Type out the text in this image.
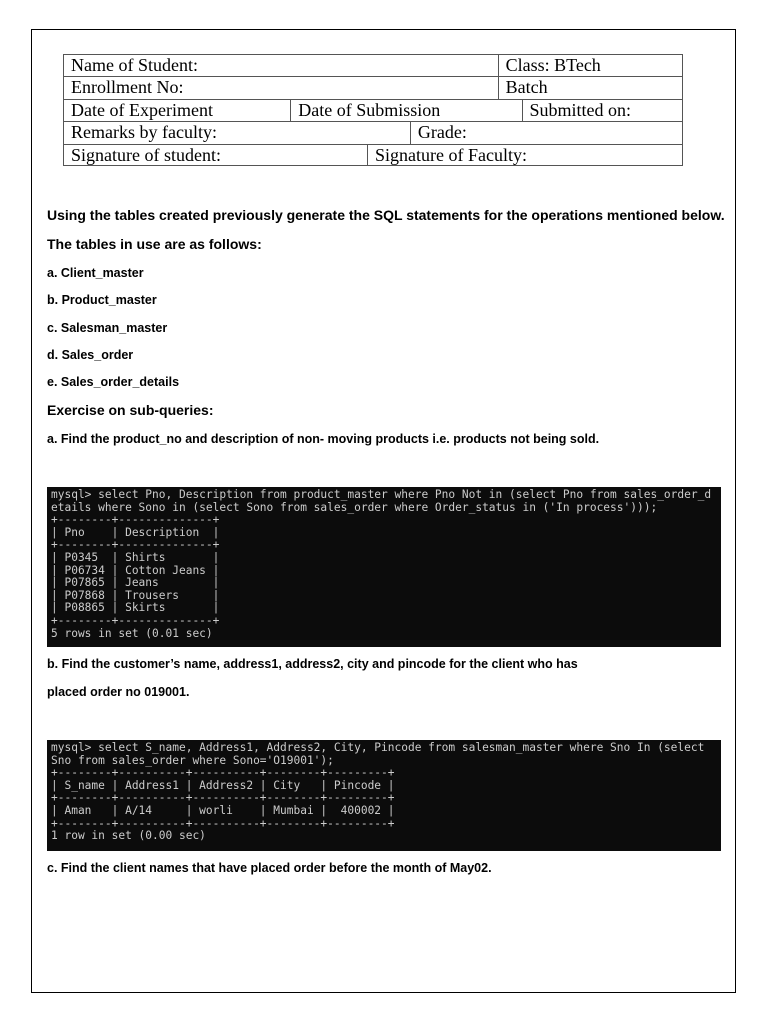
Name of Student:	Class: BTech
Enrollment No:	Batch
Date of Experiment	Date of Submission	Submitted on:
Remarks by faculty:	Grade:
Signature of student:	Signature of Faculty:
Using the tables created previously generate the SQL statements for the operations mentioned below.
The tables in use are as follows:
a. Client_master
b. Product_master
c. Salesman_master
d. Sales_order
e. Sales_order_details
Exercise on sub-queries:
a. Find the product_no and description of non- moving products i.e. products not being sold.
mysql> select Pno, Description from product_master where Pno Not in (select Pno from sales_order_d
etails where Sono in (select Sono from sales_order where Order_status in ('In process')));
+--------+--------------+
| Pno    | Description  |
+--------+--------------+
| P0345  | Shirts       |
| P06734 | Cotton Jeans |
| P07865 | Jeans        |
| P07868 | Trousers     |
| P08865 | Skirts       |
+--------+--------------+
5 rows in set (0.01 sec)
b. Find the customer’s name, address1, address2, city and pincode for the client who has
placed order no 019001.
mysql> select S_name, Address1, Address2, City, Pincode from salesman_master where Sno In (select
Sno from sales_order where Sono='O19001');
+--------+----------+----------+--------+---------+
| S_name | Address1 | Address2 | City   | Pincode |
+--------+----------+----------+--------+---------+
| Aman   | A/14     | worli    | Mumbai |  400002 |
+--------+----------+----------+--------+---------+
1 row in set (0.00 sec)
c. Find the client names that have placed order before the month of May02.
